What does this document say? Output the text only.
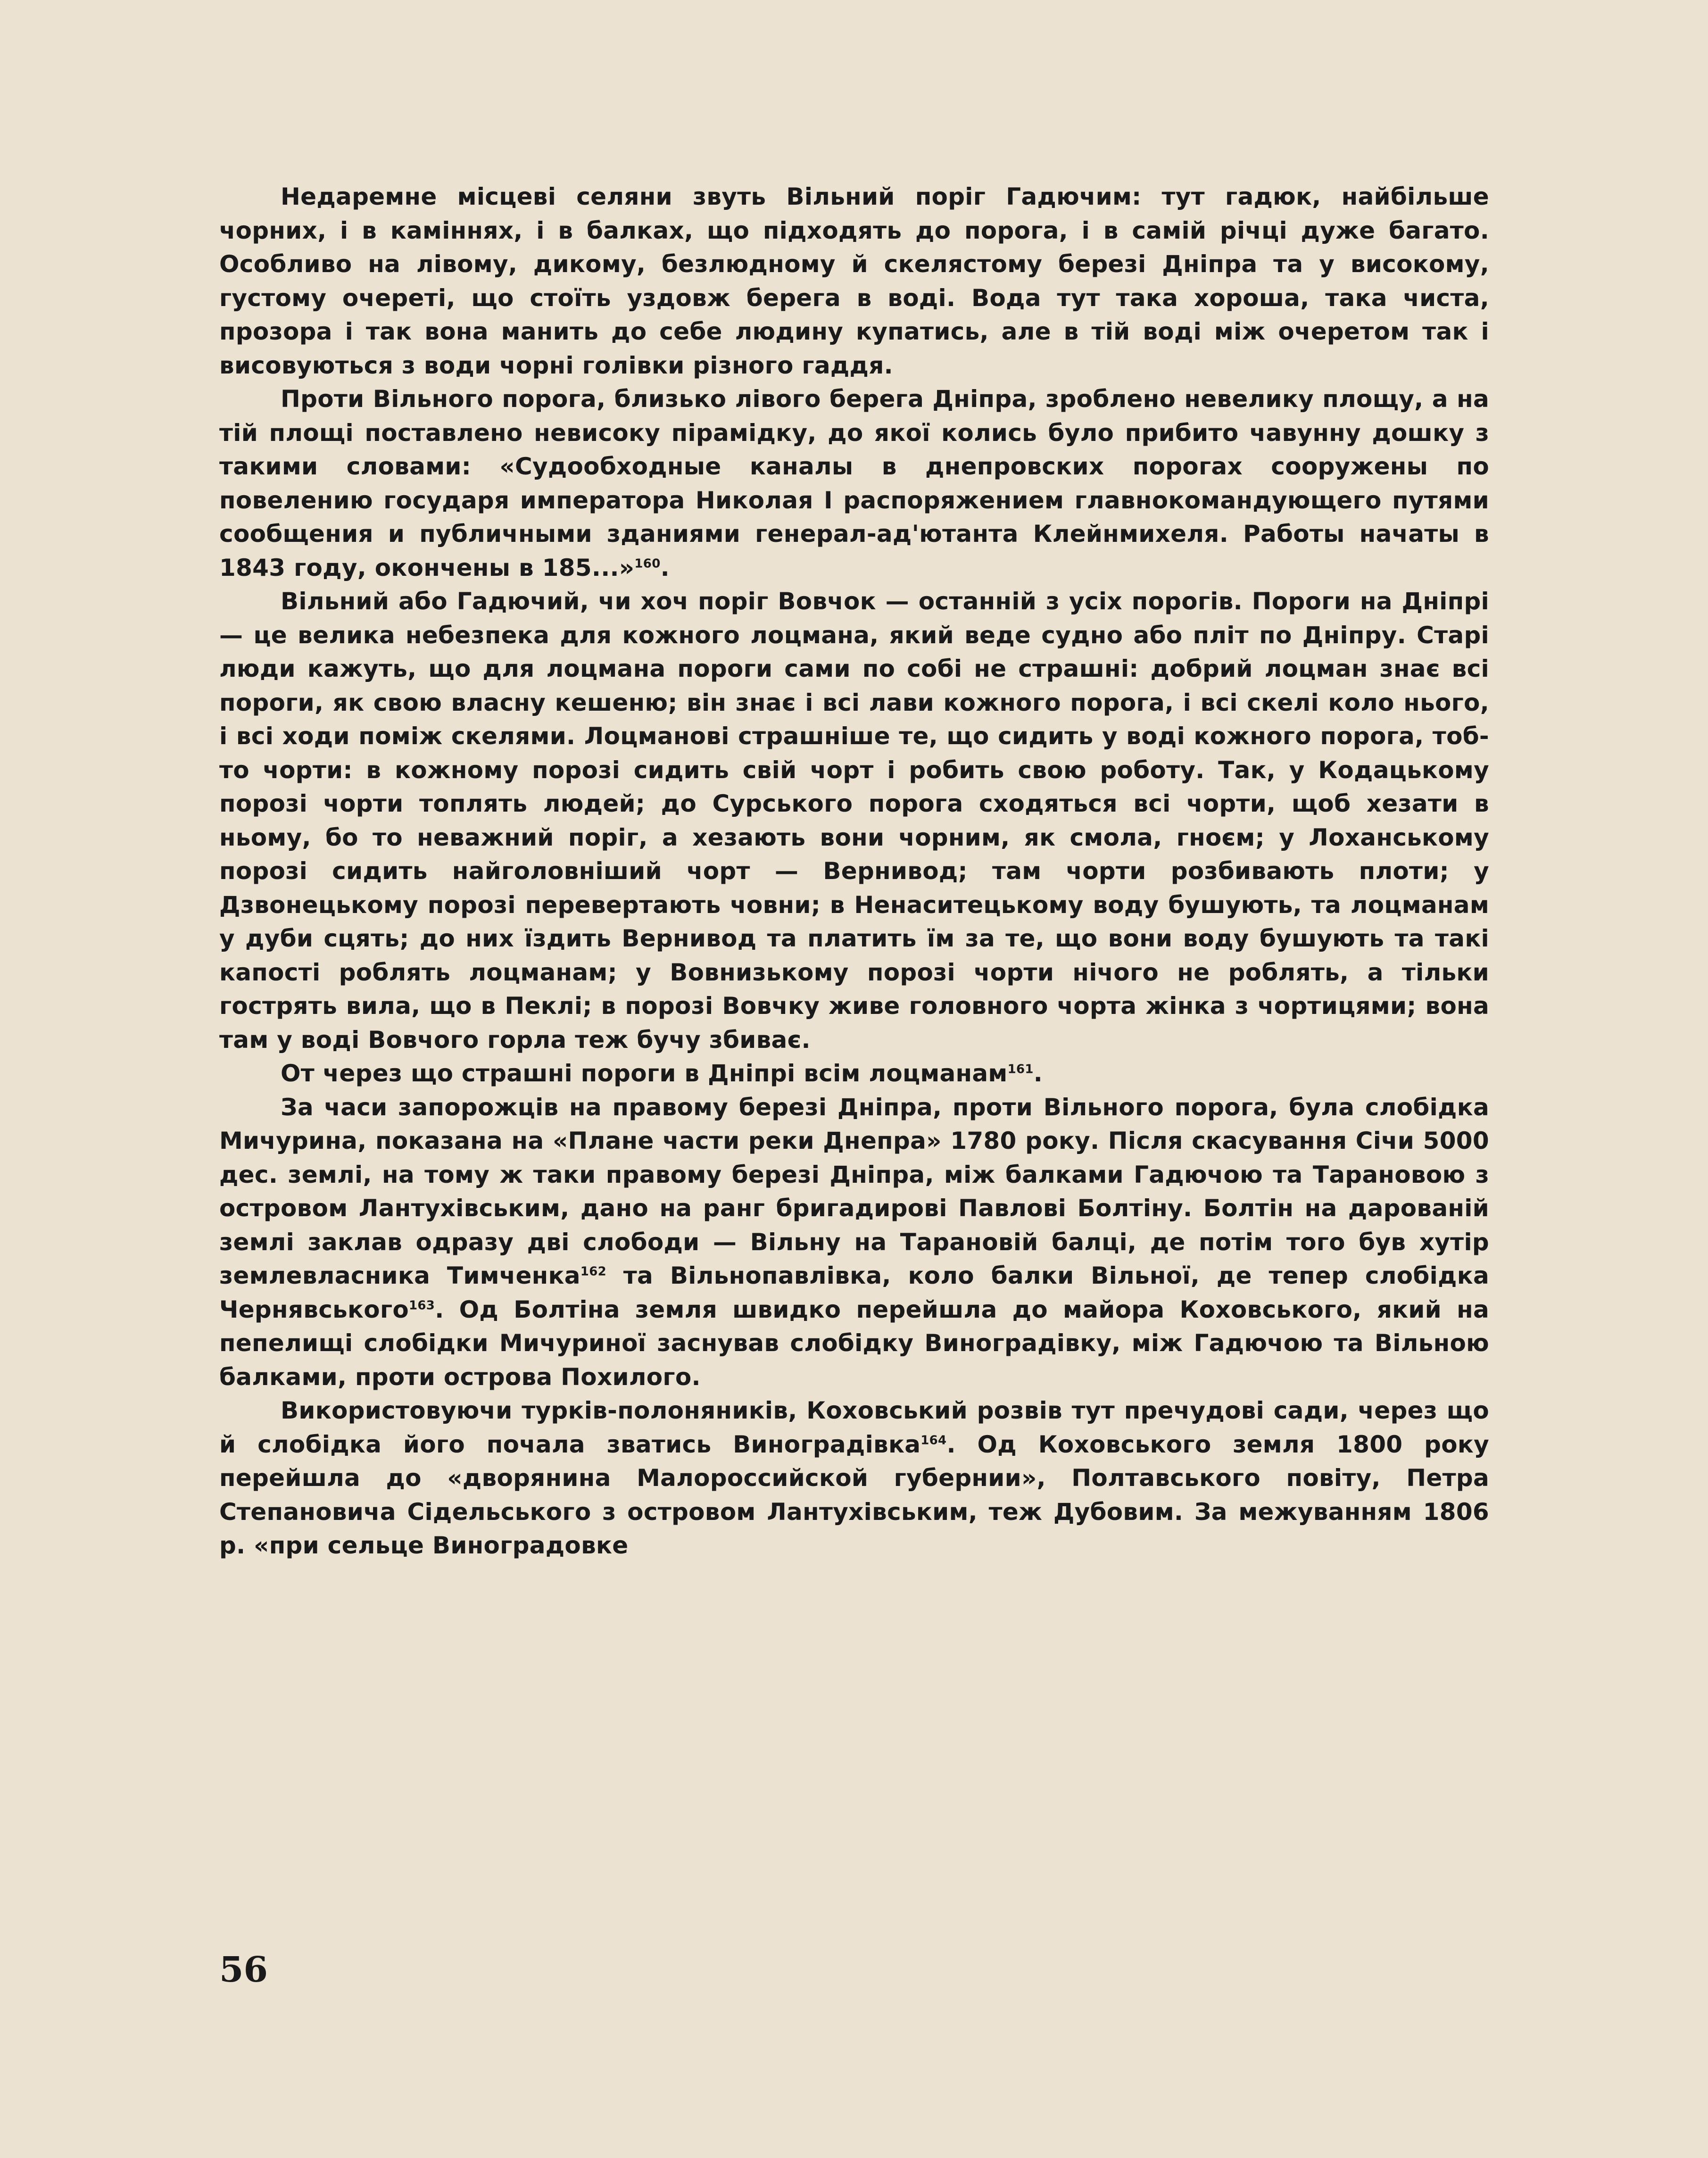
Недаремне місцеві селяни звуть Вільний поріг Гадючим: тут гадюк, найбільше чорних, і в каміннях, і в балках, що підходять до порога, і в самій річці дуже багато. Особливо на лівому, дикому, безлюдному й скелястому березі Дніпра та у високому, густому очереті, що стоїть уздовж берега в воді. Вода тут така хороша, така чиста, прозора і так вона манить до себе людину купатись, але в тій воді між очеретом так і висовуються з води чорні голівки різного гаддя.

Проти Вільного порога, близько лівого берега Дніпра, зроблено невелику площу, а на тій площі поставлено невисоку пірамідку, до якої колись було прибито чавунну дошку з такими словами: «Судообходные каналы в днепровских порогах сооружены по повелению государя императора Николая I распоряжением главнокомандующего путями сообщения и публичными зданиями генерал-ад'ютанта Клейнмихеля. Работы начаты в 1843 году, окончены в 185...»$^{160}$.

Вільний або Гадючий, чи хоч поріг Вовчок — останній з усіх порогів. Пороги на Дніпрі — це велика небезпека для кожного лоцмана, який веде судно або пліт по Дніпру. Старі люди кажуть, що для лоцмана пороги сами по собі не страшні: добрий лоцман знає всі пороги, як свою власну кешеню; він знає і всі лави кожного порога, і всі скелі коло нього, і всі ходи поміж скелями. Лоцманові страшніше те, що сидить у воді кожного порога, тоб-то чорти: в кожному порозі сидить свій чорт і робить свою роботу. Так, у Кодацькому порозі чорти топлять людей; до Сурського порога сходяться всі чорти, щоб хезати в ньому, бо то неважний поріг, а хезають вони чорним, як смола, гноєм; у Лоханському порозі сидить найголовніший чорт — Вернивод; там чорти розбивають плоти; у Дзвонецькому порозі перевертають човни; в Ненаситецькому воду бушують, та лоцманам у дуби сцять; до них їздить Вернивод та платить їм за те, що вони воду бушують та такі капості роблять лоцманам; у Вовнизькому порозі чорти нічого не роблять, а тільки гострять вила, що в Пеклі; в порозі Вовчку живе головного чорта жінка з чортицями; вона там у воді Вовчого горла теж бучу збиває.

От через що страшні пороги в Дніпрі всім лоцманам$^{161}$.

За часи запорожців на правому березі Дніпра, проти Вільного порога, була слобідка Мичурина, показана на «Плане части реки Днепра» 1780 року. Після скасування Січи 5000 дес. землі, на тому ж таки правому березі Дніпра, між балками Гадючою та Тарановою з островом Лантухівським, дано на ранг бригадирові Павлові Болтіну. Болтін на дарованій землі заклав одразу дві слободи — Вільну на Тарановій балці, де потім того був хутір землевласника Тимченка$^{162}$ та Вільнопавлівка, коло балки Вільної, де тепер слобідка Чернявського$^{163}$. Од Болтіна земля швидко перейшла до майора Коховського, який на пепелищі слобідки Мичуриної заснував слобідку Виноградівку, між Гадючою та Вільною балками, проти острова Похилого.

Використовуючи турків-полоняників, Коховський розвів тут пречудові сади, через що й слобідка його почала зватись Виноградівка$^{164}$. Од Коховського земля 1800 року перейшла до «дворянина Малороссийской губернии», Полтавського повіту, Петра Степановича Сідельського з островом Лантухівським, теж Дубовим. За межуванням 1806 р. «при сельце Виноградовке

56
